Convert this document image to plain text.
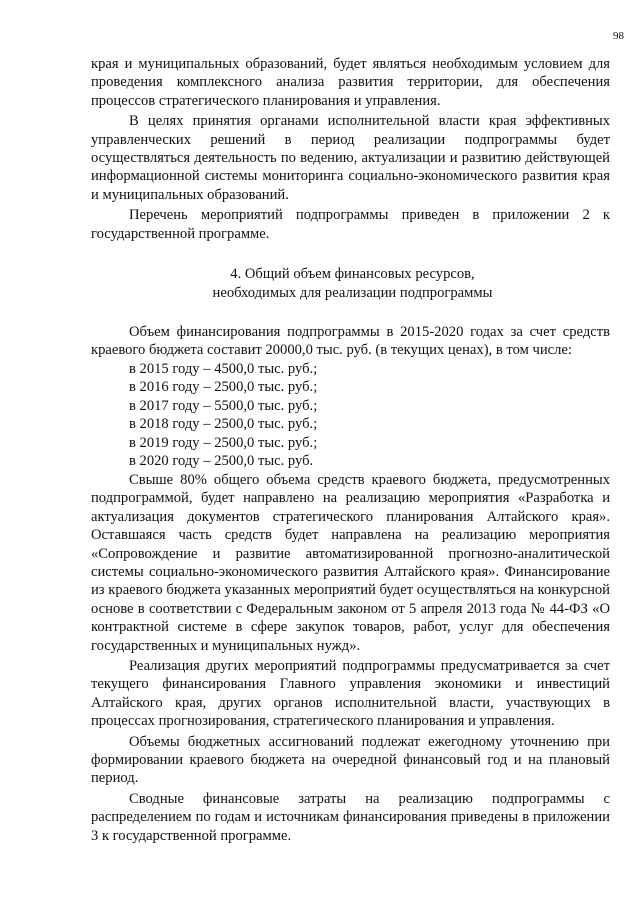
98

края и муниципальных образований, будет являться необходимым условием для проведения комплексного анализа развития территории, для обеспечения процессов стратегического планирования и управления.

В целях принятия органами исполнительной власти края эффективных управленческих решений в период реализации подпрограммы будет осуществляться деятельность по ведению, актуализации и развитию действующей информационной системы мониторинга социально-экономического развития края и муниципальных образований.

Перечень мероприятий подпрограммы приведен в приложении 2 к государственной программе.

4. Общий объем финансовых ресурсов,
необходимых для реализации подпрограммы

Объем финансирования подпрограммы в 2015-2020 годах за счет средств краевого бюджета составит 20000,0 тыс. руб. (в текущих ценах), в том числе:

в 2015 году – 4500,0 тыс. руб.;
в 2016 году – 2500,0 тыс. руб.;
в 2017 году – 5500,0 тыс. руб.;
в 2018 году – 2500,0 тыс. руб.;
в 2019 году – 2500,0 тыс. руб.;
в 2020 году – 2500,0 тыс. руб.

Свыше 80% общего объема средств краевого бюджета, предусмотренных подпрограммой, будет направлено на реализацию мероприятия «Разработка и актуализация документов стратегического планирования Алтайского края». Оставшаяся часть средств будет направлена на реализацию мероприятия «Сопровождение и развитие автоматизированной прогнозно-аналитической системы социально-экономического развития Алтайского края». Финансирование из краевого бюджета указанных мероприятий будет осуществляться на конкурсной основе в соответствии с Федеральным законом от 5 апреля 2013 года № 44-ФЗ «О контрактной системе в сфере закупок товаров, работ, услуг для обеспечения государственных и муниципальных нужд».

Реализация других мероприятий подпрограммы предусматривается за счет текущего финансирования Главного управления экономики и инвестиций Алтайского края, других органов исполнительной власти, участвующих в процессах прогнозирования, стратегического планирования и управления.

Объемы бюджетных ассигнований подлежат ежегодному уточнению при формировании краевого бюджета на очередной финансовый год и на плановый период.

Сводные финансовые затраты на реализацию подпрограммы с распределением по годам и источникам финансирования приведены в приложении 3 к государственной программе.
